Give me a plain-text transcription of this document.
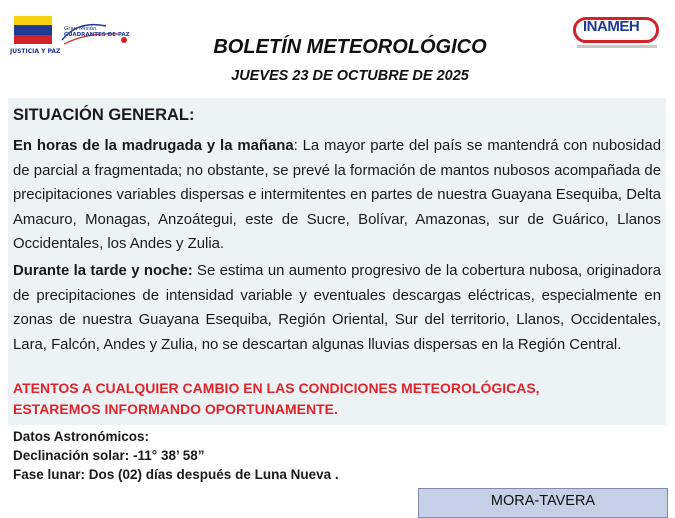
JUSTICIA Y PAZ
Gran Misión
CUADRANTES DE PAZ	INAMEH
BOLETÍN METEOROLÓGICO
JUEVES 23 DE OCTUBRE DE 2025
SITUACIÓN GENERAL:
En horas de la madrugada y la mañana: La mayor parte del país se mantendrá con nubosidad de parcial a fragmentada; no obstante, se prevé la formación de mantos nubosos acompañada de precipitaciones variables dispersas e intermitentes en partes de nuestra Guayana Esequiba, Delta Amacuro, Monagas, Anzoátegui, este de Sucre, Bolívar, Amazonas, sur de Guárico, Llanos Occidentales, los Andes y Zulia.
Durante la tarde y noche: Se estima un aumento progresivo de la cobertura nubosa, originadora de precipitaciones de intensidad variable y eventuales descargas eléctricas, especialmente en zonas de nuestra Guayana Esequiba, Región Oriental, Sur del territorio, Llanos, Occidentales, Lara, Falcón, Andes y Zulia, no se descartan algunas lluvias dispersas en la Región Central.
ATENTOS A CUALQUIER CAMBIO EN LAS CONDICIONES METEOROLÓGICAS,
ESTAREMOS INFORMANDO OPORTUNAMENTE.
Datos Astronómicos:
Declinación solar: -11° 38’ 58”
Fase lunar: Dos (02) días después de Luna Nueva .
MORA-TAVERA
